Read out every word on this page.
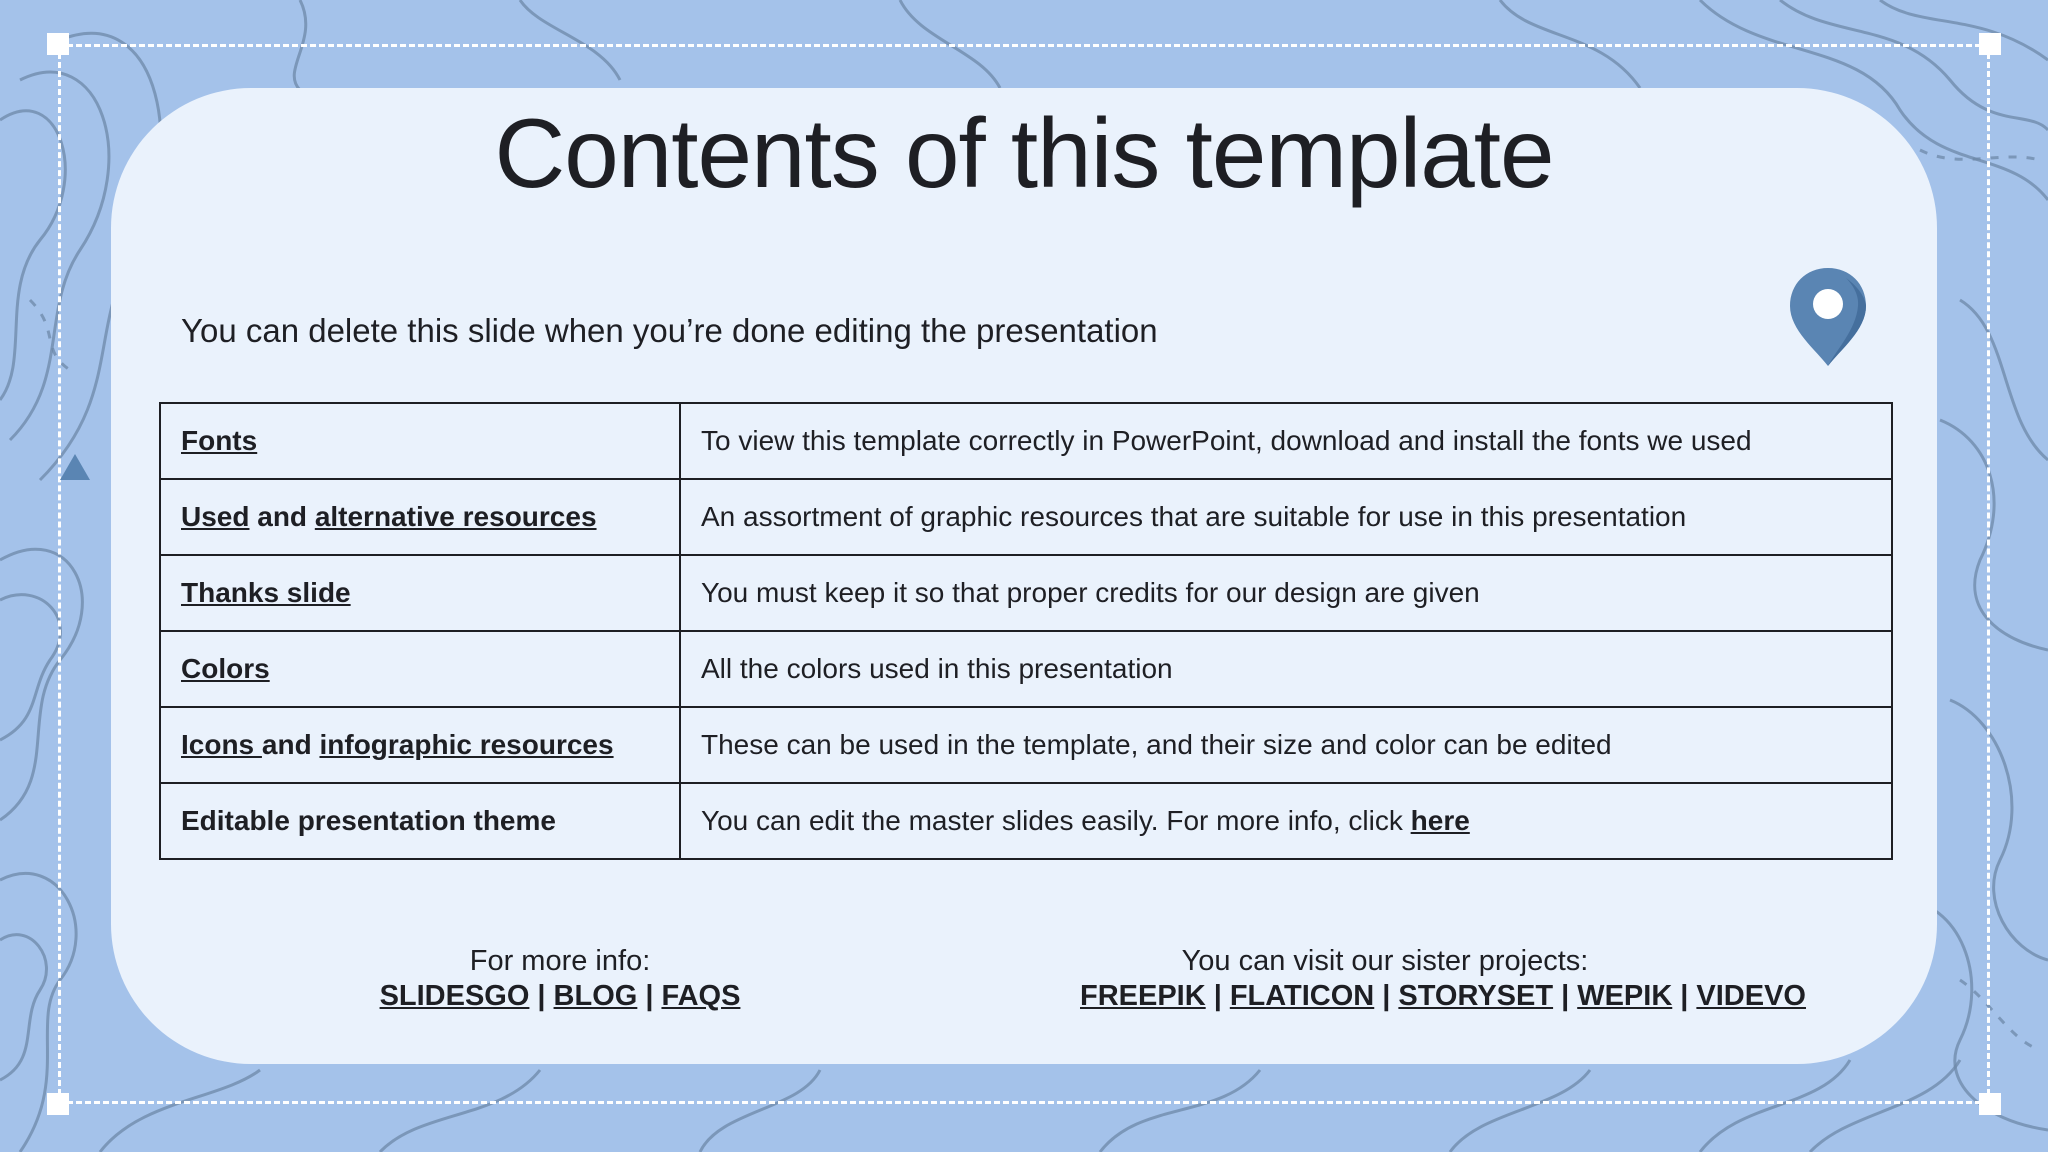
Contents of this template
You can delete this slide when you’re done editing the presentation
Fonts	To view this template correctly in PowerPoint, download and install the fonts we used
Used and alternative resources	An assortment of graphic resources that are suitable for use in this presentation
Thanks slide	You must keep it so that proper credits for our design are given
Colors	All the colors used in this presentation
Icons and infographic resources	These can be used in the template, and their size and color can be edited
Editable presentation theme	You can edit the master slides easily. For more info, click here
For more info:
SLIDESGO | BLOG | FAQS
You can visit our sister projects:
FREEPIK | FLATICON | STORYSET | WEPIK | VIDEVO
